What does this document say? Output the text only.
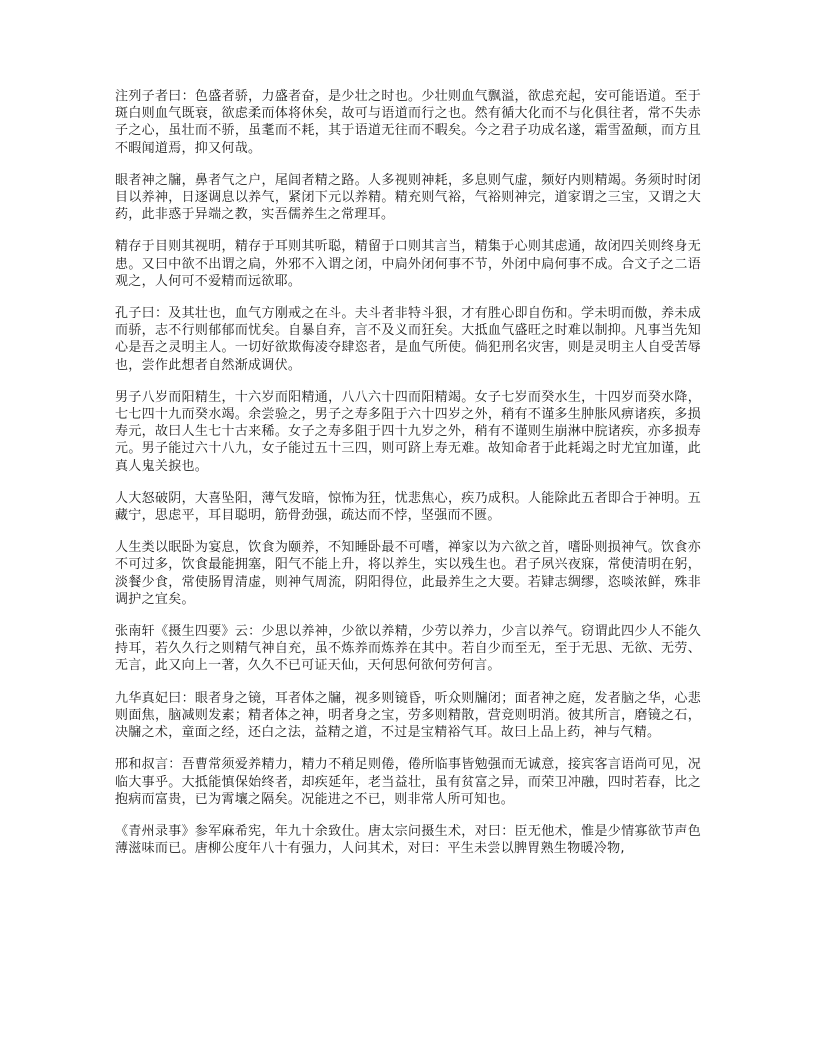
注列子者曰：色盛者骄，力盛者奋，是少壮之时也。少壮则血气飘溢，欲虑充起，安可能语道。至于斑白则血气既衰，欲虑柔而体将休矣，故可与语道而行之也。然有循大化而不与化俱往者，常不失赤子之心，虽壮而不骄，虽耄而不耗，其于语道无往而不暇矣。今之君子功成名遂，霜雪盈颠，而方且不暇闻道焉，抑又何哉。

眼者神之牖，鼻者气之户，尾闾者精之路。人多视则神耗，多息则气虚，频好内则精竭。务须时时闭目以养神，日逐调息以养气，紧闭下元以养精。精充则气裕，气裕则神完，道家谓之三宝，又谓之大药，此非惑于异端之教，实吾儒养生之常理耳。

精存于目则其视明，精存于耳则其听聪，精留于口则其言当，精集于心则其虑通，故闭四关则终身无患。又曰中欲不出谓之扃，外邪不入谓之闭，中扃外闭何事不节，外闭中扃何事不成。合文子之二语观之，人何可不爱精而远欲耶。

孔子曰：及其壮也，血气方刚戒之在斗。夫斗者非特斗狠，才有胜心即自伤和。学未明而傲，养未成而骄，志不行则郁郁而忧矣。自暴自弃，言不及义而狂矣。大抵血气盛旺之时难以制抑。凡事当先知心是吾之灵明主人。一切好欲欺侮凌夺肆恣者，是血气所使。倘犯刑名灾害，则是灵明主人自受苦辱也，尝作此想者自然渐成调伏。

男子八岁而阳精生，十六岁而阳精通，八八六十四而阳精竭。女子七岁而癸水生，十四岁而癸水降，七七四十九而癸水竭。余尝验之，男子之寿多阻于六十四岁之外，稍有不谨多生肿胀风痹诸疾，多损寿元，故曰人生七十古来稀。女子之寿多阻于四十九岁之外，稍有不谨则生崩淋中脘诸疾，亦多损寿元。男子能过六十八九，女子能过五十三四，则可跻上寿无难。故知命者于此耗竭之时尤宜加谨，此真人鬼关捩也。

人大怒破阴，大喜坠阳，薄气发暗，惊怖为狂，忧悲焦心，疾乃成积。人能除此五者即合于神明。五藏宁，思虑平，耳目聪明，筋骨劲强，疏达而不悖，坚强而不匮。

人生类以眠卧为宴息，饮食为颐养，不知睡卧最不可嗜，禅家以为六欲之首，嗜卧则损神气。饮食亦不可过多，饮食最能拥塞，阳气不能上升，将以养生，实以残生也。君子夙兴夜寐，常使清明在躬，淡餐少食，常使肠胃清虚，则神气周流，阴阳得位，此最养生之大要。若肄志绸缪，恣啖浓鲜，殊非调护之宜矣。

张南轩《摄生四要》云：少思以养神，少欲以养精，少劳以养力，少言以养气。窃谓此四少人不能久持耳，若久久行之则精气神自充，虽不炼养而炼养在其中。若自少而至无，至于无思、无欲、无劳、无言，此又向上一著，久久不已可证天仙，天何思何欲何劳何言。

九华真妃曰：眼者身之镜，耳者体之牖，视多则镜昏，听众则牖闭；面者神之庭，发者脑之华，心悲则面焦，脑减则发素；精者体之神，明者身之宝，劳多则精散，营竞则明消。彼其所言，磨镜之石，决牖之术，童面之经，还白之法，益精之道，不过是宝精裕气耳。故曰上品上药，神与气精。

邢和叔言：吾曹常须爱养精力，精力不稍足则倦，倦所临事皆勉强而无诚意，接宾客言语尚可见，况临大事乎。大抵能慎保始终者，却疾延年，老当益壮，虽有贫富之异，而荣卫冲融，四时若春，比之抱病而富贵，已为霄壤之隔矣。况能进之不已，则非常人所可知也。

《青州录事》参军麻希宪，年九十余致仕。唐太宗问摄生术，对曰：臣无他术，惟是少情寡欲节声色薄滋味而已。唐柳公度年八十有强力，人问其术，对曰：平生未尝以脾胃熟生物暖冷物,
